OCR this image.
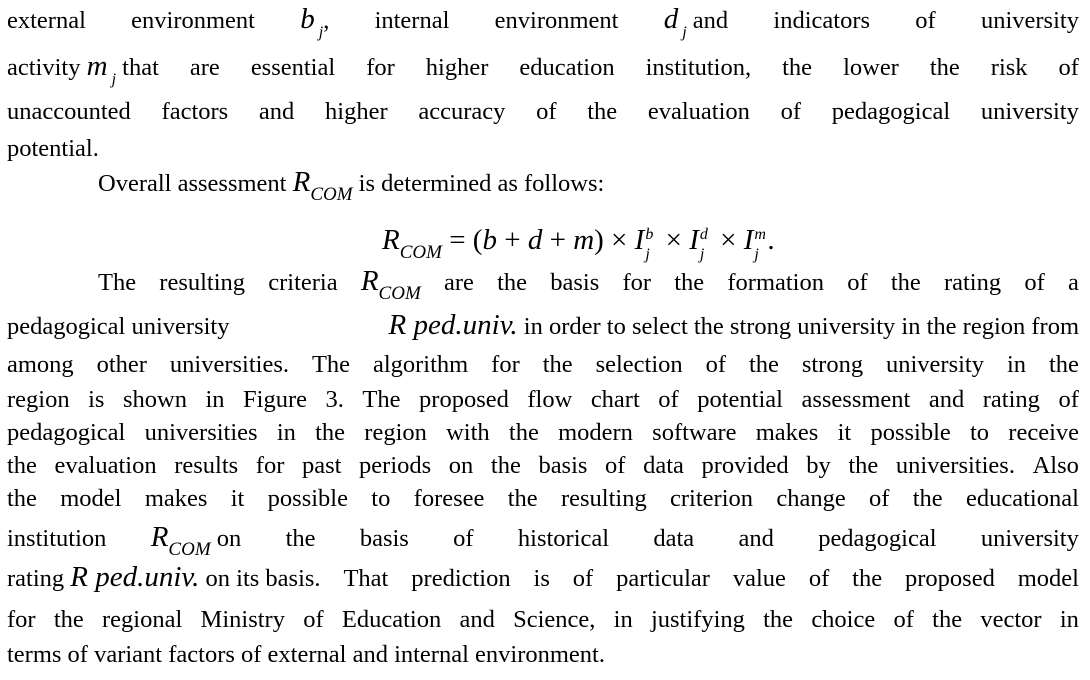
external environment b $_j$, internal environment d $_j$ and indicators of university
activity m $_j$ that are essential for higher education institution, the lower the risk of
unaccounted factors and higher accuracy of the evaluation of pedagogical university
potential.
Overall assessment $R_{COM}$ is determined as follows:
$R_{COM} = (b + d + m) \times I$ b
j × I d
j × I m
j .
The resulting criteria $R_{COM}$ are the basis for the formation of the rating of a
pedagogical university	R ped.univ. in order to select the strong university in the region from
among other universities. The algorithm for the selection of the strong university in the
region is shown in Figure 3. The proposed flow chart of potential assessment and rating of
pedagogical universities in the region with the modern software makes it possible to receive
the evaluation results for past periods on the basis of data provided by the universities. Also
the model makes it possible to foresee the resulting criterion change of the educational
institution $R_{COM}$ on the basis of historical data and pedagogical university
rating R ped.univ. on its basis. That prediction is of particular value of the proposed model
for the regional Ministry of Education and Science, in justifying the choice of the vector in
terms of variant factors of external and internal environment.
